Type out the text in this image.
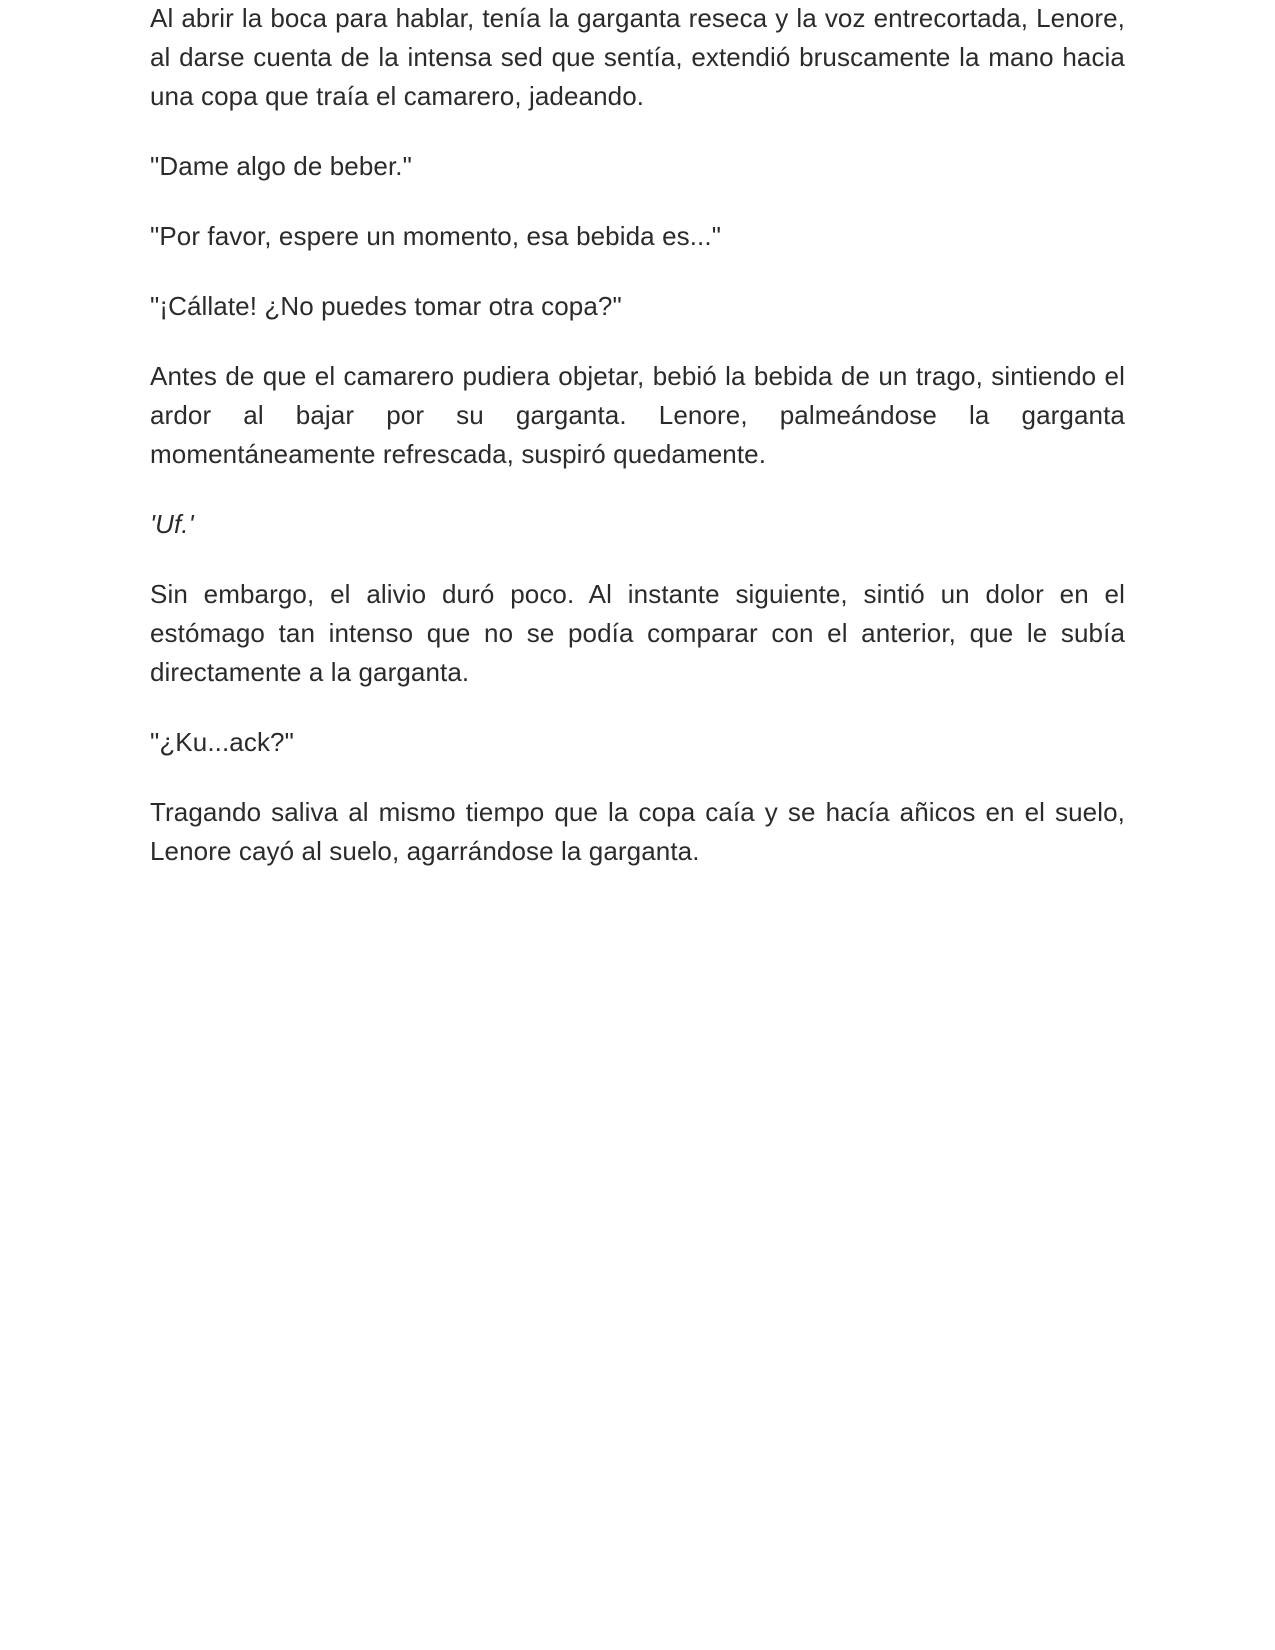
Al abrir la boca para hablar, tenía la garganta reseca y la voz entrecortada, Lenore, al darse cuenta de la intensa sed que sentía, extendió bruscamente la mano hacia una copa que traía el camarero, jadeando.

"Dame algo de beber."

"Por favor, espere un momento, esa bebida es..."

"¡Cállate! ¿No puedes tomar otra copa?"

Antes de que el camarero pudiera objetar, bebió la bebida de un trago, sintiendo el ardor al bajar por su garganta. Lenore, palmeándose la garganta momentáneamente refrescada, suspiró quedamente.

'Uf.'

Sin embargo, el alivio duró poco. Al instante siguiente, sintió un dolor en el estómago tan intenso que no se podía comparar con el anterior, que le subía directamente a la garganta.

"¿Ku...ack?"

Tragando saliva al mismo tiempo que la copa caía y se hacía añicos en el suelo, Lenore cayó al suelo, agarrándose la garganta.
